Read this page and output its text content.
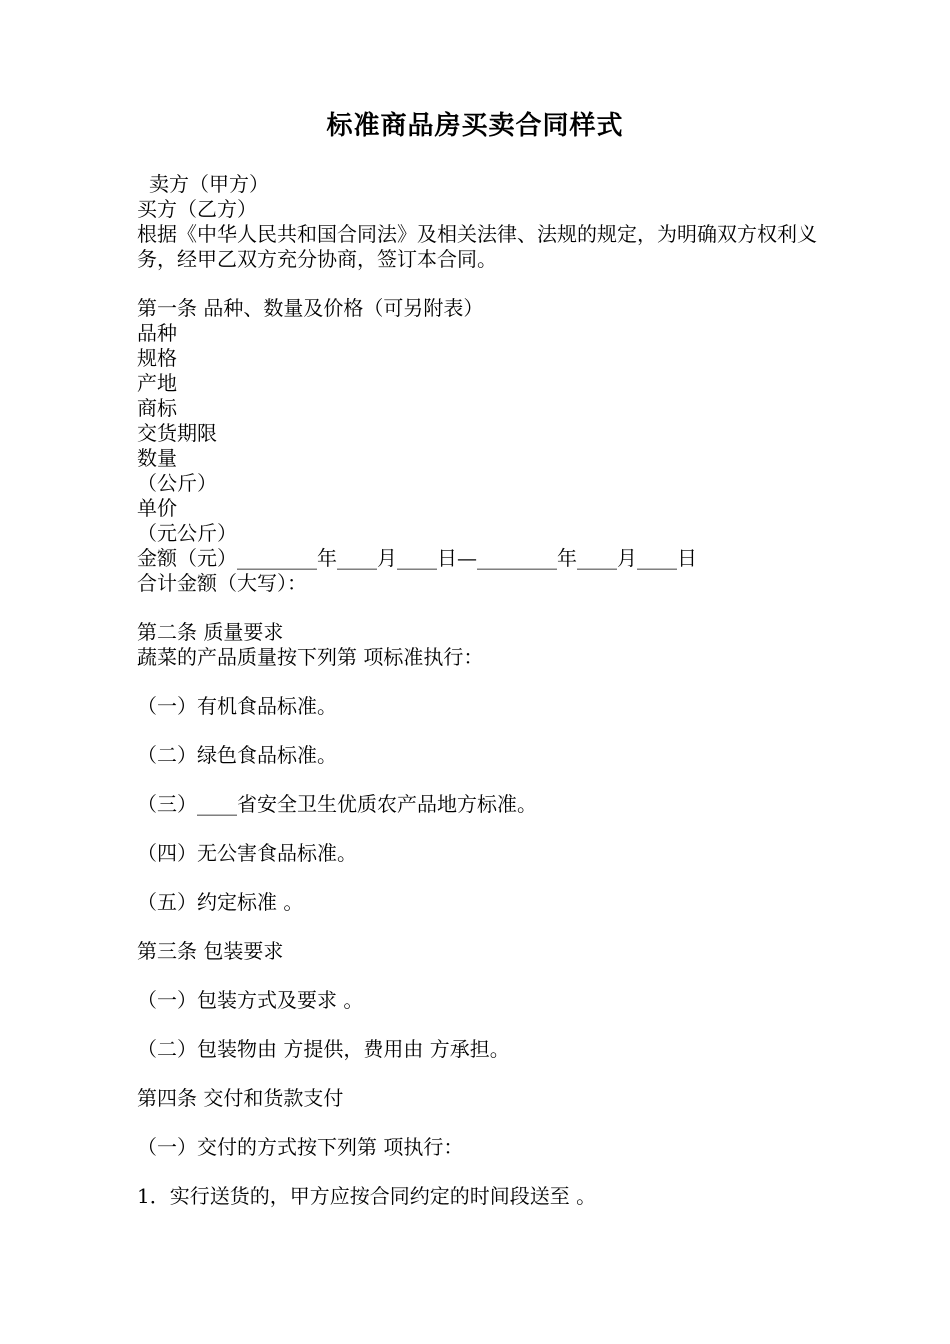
标准商品房买卖合同样式
卖方（甲方）
买方（乙方）
根据《中华人民共和国合同法》及相关法律、法规的规定，为明确双方权利义务，经甲乙双方充分协商，签订本合同。
第一条 品种、数量及价格（可另附表）
品种
规格
产地
商标
交货期限
数量
（公斤）
单价
（元公斤）
金额（元）________年____月____日—________年____月____日
合计金额（大写）：
第二条 质量要求
蔬菜的产品质量按下列第 项标准执行：
（一）有机食品标准。
（二）绿色食品标准。
（三）____省安全卫生优质农产品地方标准。
（四）无公害食品标准。
（五）约定标准 。
第三条 包装要求
（一）包装方式及要求 。
（二）包装物由 方提供，费用由 方承担。
第四条 交付和货款支付
（一）交付的方式按下列第 项执行：
1．实行送货的，甲方应按合同约定的时间段送至 。
